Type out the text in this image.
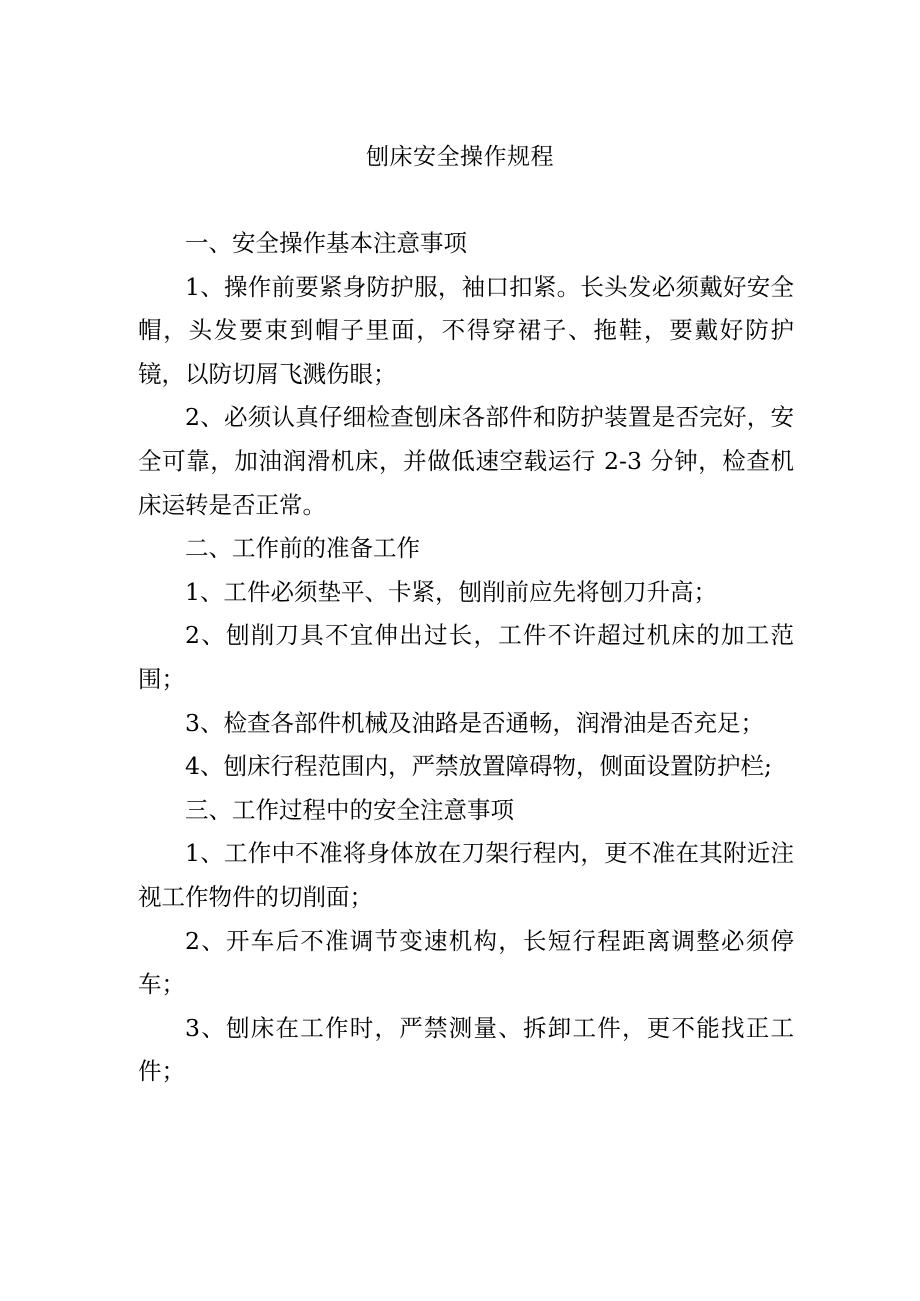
刨床安全操作规程

一、安全操作基本注意事项

1、操作前要紧身防护服，袖口扣紧。长头发必须戴好安全帽，头发要束到帽子里面，不得穿裙子、拖鞋，要戴好防护镜，以防切屑飞溅伤眼；

2、必须认真仔细检查刨床各部件和防护装置是否完好，安全可靠，加油润滑机床，并做低速空载运行 2-3 分钟，检查机床运转是否正常。

二、工作前的准备工作

1、工件必须垫平、卡紧，刨削前应先将刨刀升高；

2、刨削刀具不宜伸出过长，工件不许超过机床的加工范围；

3、检查各部件机械及油路是否通畅，润滑油是否充足；

4、刨床行程范围内，严禁放置障碍物，侧面设置防护栏;

三、工作过程中的安全注意事项

1、工作中不准将身体放在刀架行程内，更不准在其附近注视工作物件的切削面；

2、开车后不准调节变速机构，长短行程距离调整必须停车；

3、刨床在工作时，严禁测量、拆卸工件，更不能找正工件；
